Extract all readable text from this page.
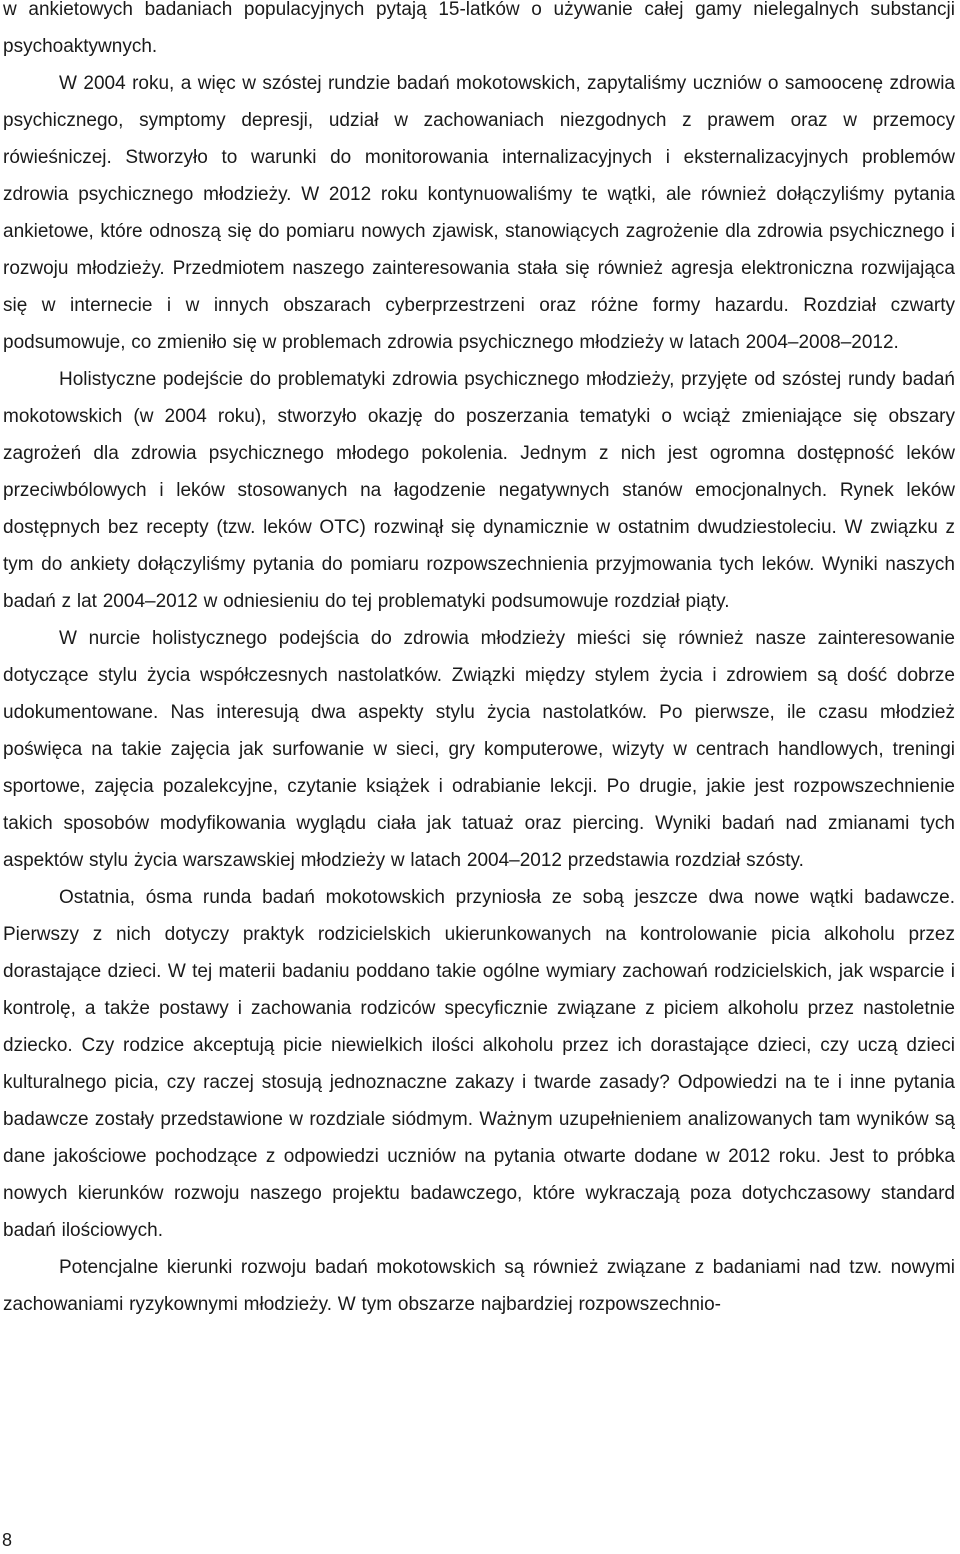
w ankietowych badaniach populacyjnych pytają 15-latków o używanie całej gamy nielegalnych substancji psychoaktywnych.

W 2004 roku, a więc w szóstej rundzie badań mokotowskich, zapytaliśmy uczniów o samoocenę zdrowia psychicznego, symptomy depresji, udział w zachowaniach niezgodnych z prawem oraz w przemocy rówieśniczej. Stworzyło to warunki do monitorowania internalizacyjnych i eksternalizacyjnych problemów zdrowia psychicznego młodzieży. W 2012 roku kontynuowaliśmy te wątki, ale również dołączyliśmy pytania ankietowe, które odnoszą się do pomiaru nowych zjawisk, stanowiących zagrożenie dla zdrowia psychicznego i rozwoju młodzieży. Przedmiotem naszego zainteresowania stała się również agresja elektroniczna rozwijająca się w internecie i w innych obszarach cyberprzestrzeni oraz różne formy hazardu. Rozdział czwarty podsumowuje, co zmieniło się w problemach zdrowia psychicznego młodzieży w latach 2004–2008–2012.

Holistyczne podejście do problematyki zdrowia psychicznego młodzieży, przyjęte od szóstej rundy badań mokotowskich (w 2004 roku), stworzyło okazję do poszerzania tematyki o wciąż zmieniające się obszary zagrożeń dla zdrowia psychicznego młodego pokolenia. Jednym z nich jest ogromna dostępność leków przeciwbólowych i leków stosowanych na łagodzenie negatywnych stanów emocjonalnych. Rynek leków dostępnych bez recepty (tzw. leków OTC) rozwinął się dynamicznie w ostatnim dwudziestoleciu. W związku z tym do ankiety dołączyliśmy pytania do pomiaru rozpowszechnienia przyjmowania tych leków. Wyniki naszych badań z lat 2004–2012 w odniesieniu do tej problematyki podsumowuje rozdział piąty.

W nurcie holistycznego podejścia do zdrowia młodzieży mieści się również nasze zainteresowanie dotyczące stylu życia współczesnych nastolatków. Związki między stylem życia i zdrowiem są dość dobrze udokumentowane. Nas interesują dwa aspekty stylu życia nastolatków. Po pierwsze, ile czasu młodzież poświęca na takie zajęcia jak surfowanie w sieci, gry komputerowe, wizyty w centrach handlowych, treningi sportowe, zajęcia pozalekcyjne, czytanie książek i odrabianie lekcji. Po drugie, jakie jest rozpowszechnienie takich sposobów modyfikowania wyglądu ciała jak tatuaż oraz piercing. Wyniki badań nad zmianami tych aspektów stylu życia warszawskiej młodzieży w latach 2004–2012 przedstawia rozdział szósty.

Ostatnia, ósma runda badań mokotowskich przyniosła ze sobą jeszcze dwa nowe wątki badawcze. Pierwszy z nich dotyczy praktyk rodzicielskich ukierunkowanych na kontrolowanie picia alkoholu przez dorastające dzieci. W tej materii badaniu poddano takie ogólne wymiary zachowań rodzicielskich, jak wsparcie i kontrolę, a także postawy i zachowania rodziców specyficznie związane z piciem alkoholu przez nastoletnie dziecko. Czy rodzice akceptują picie niewielkich ilości alkoholu przez ich dorastające dzieci, czy uczą dzieci kulturalnego picia, czy raczej stosują jednoznaczne zakazy i twarde zasady? Odpowiedzi na te i inne pytania badawcze zostały przedstawione w rozdziale siódmym. Ważnym uzupełnieniem analizowanych tam wyników są dane jakościowe pochodzące z odpowiedzi uczniów na pytania otwarte dodane w 2012 roku. Jest to próbka nowych kierunków rozwoju naszego projektu badawczego, które wykraczają poza dotychczasowy standard badań ilościowych.

Potencjalne kierunki rozwoju badań mokotowskich są również związane z badaniami nad tzw. nowymi zachowaniami ryzykownymi młodzieży. W tym obszarze najbardziej rozpowszechnio-

8
